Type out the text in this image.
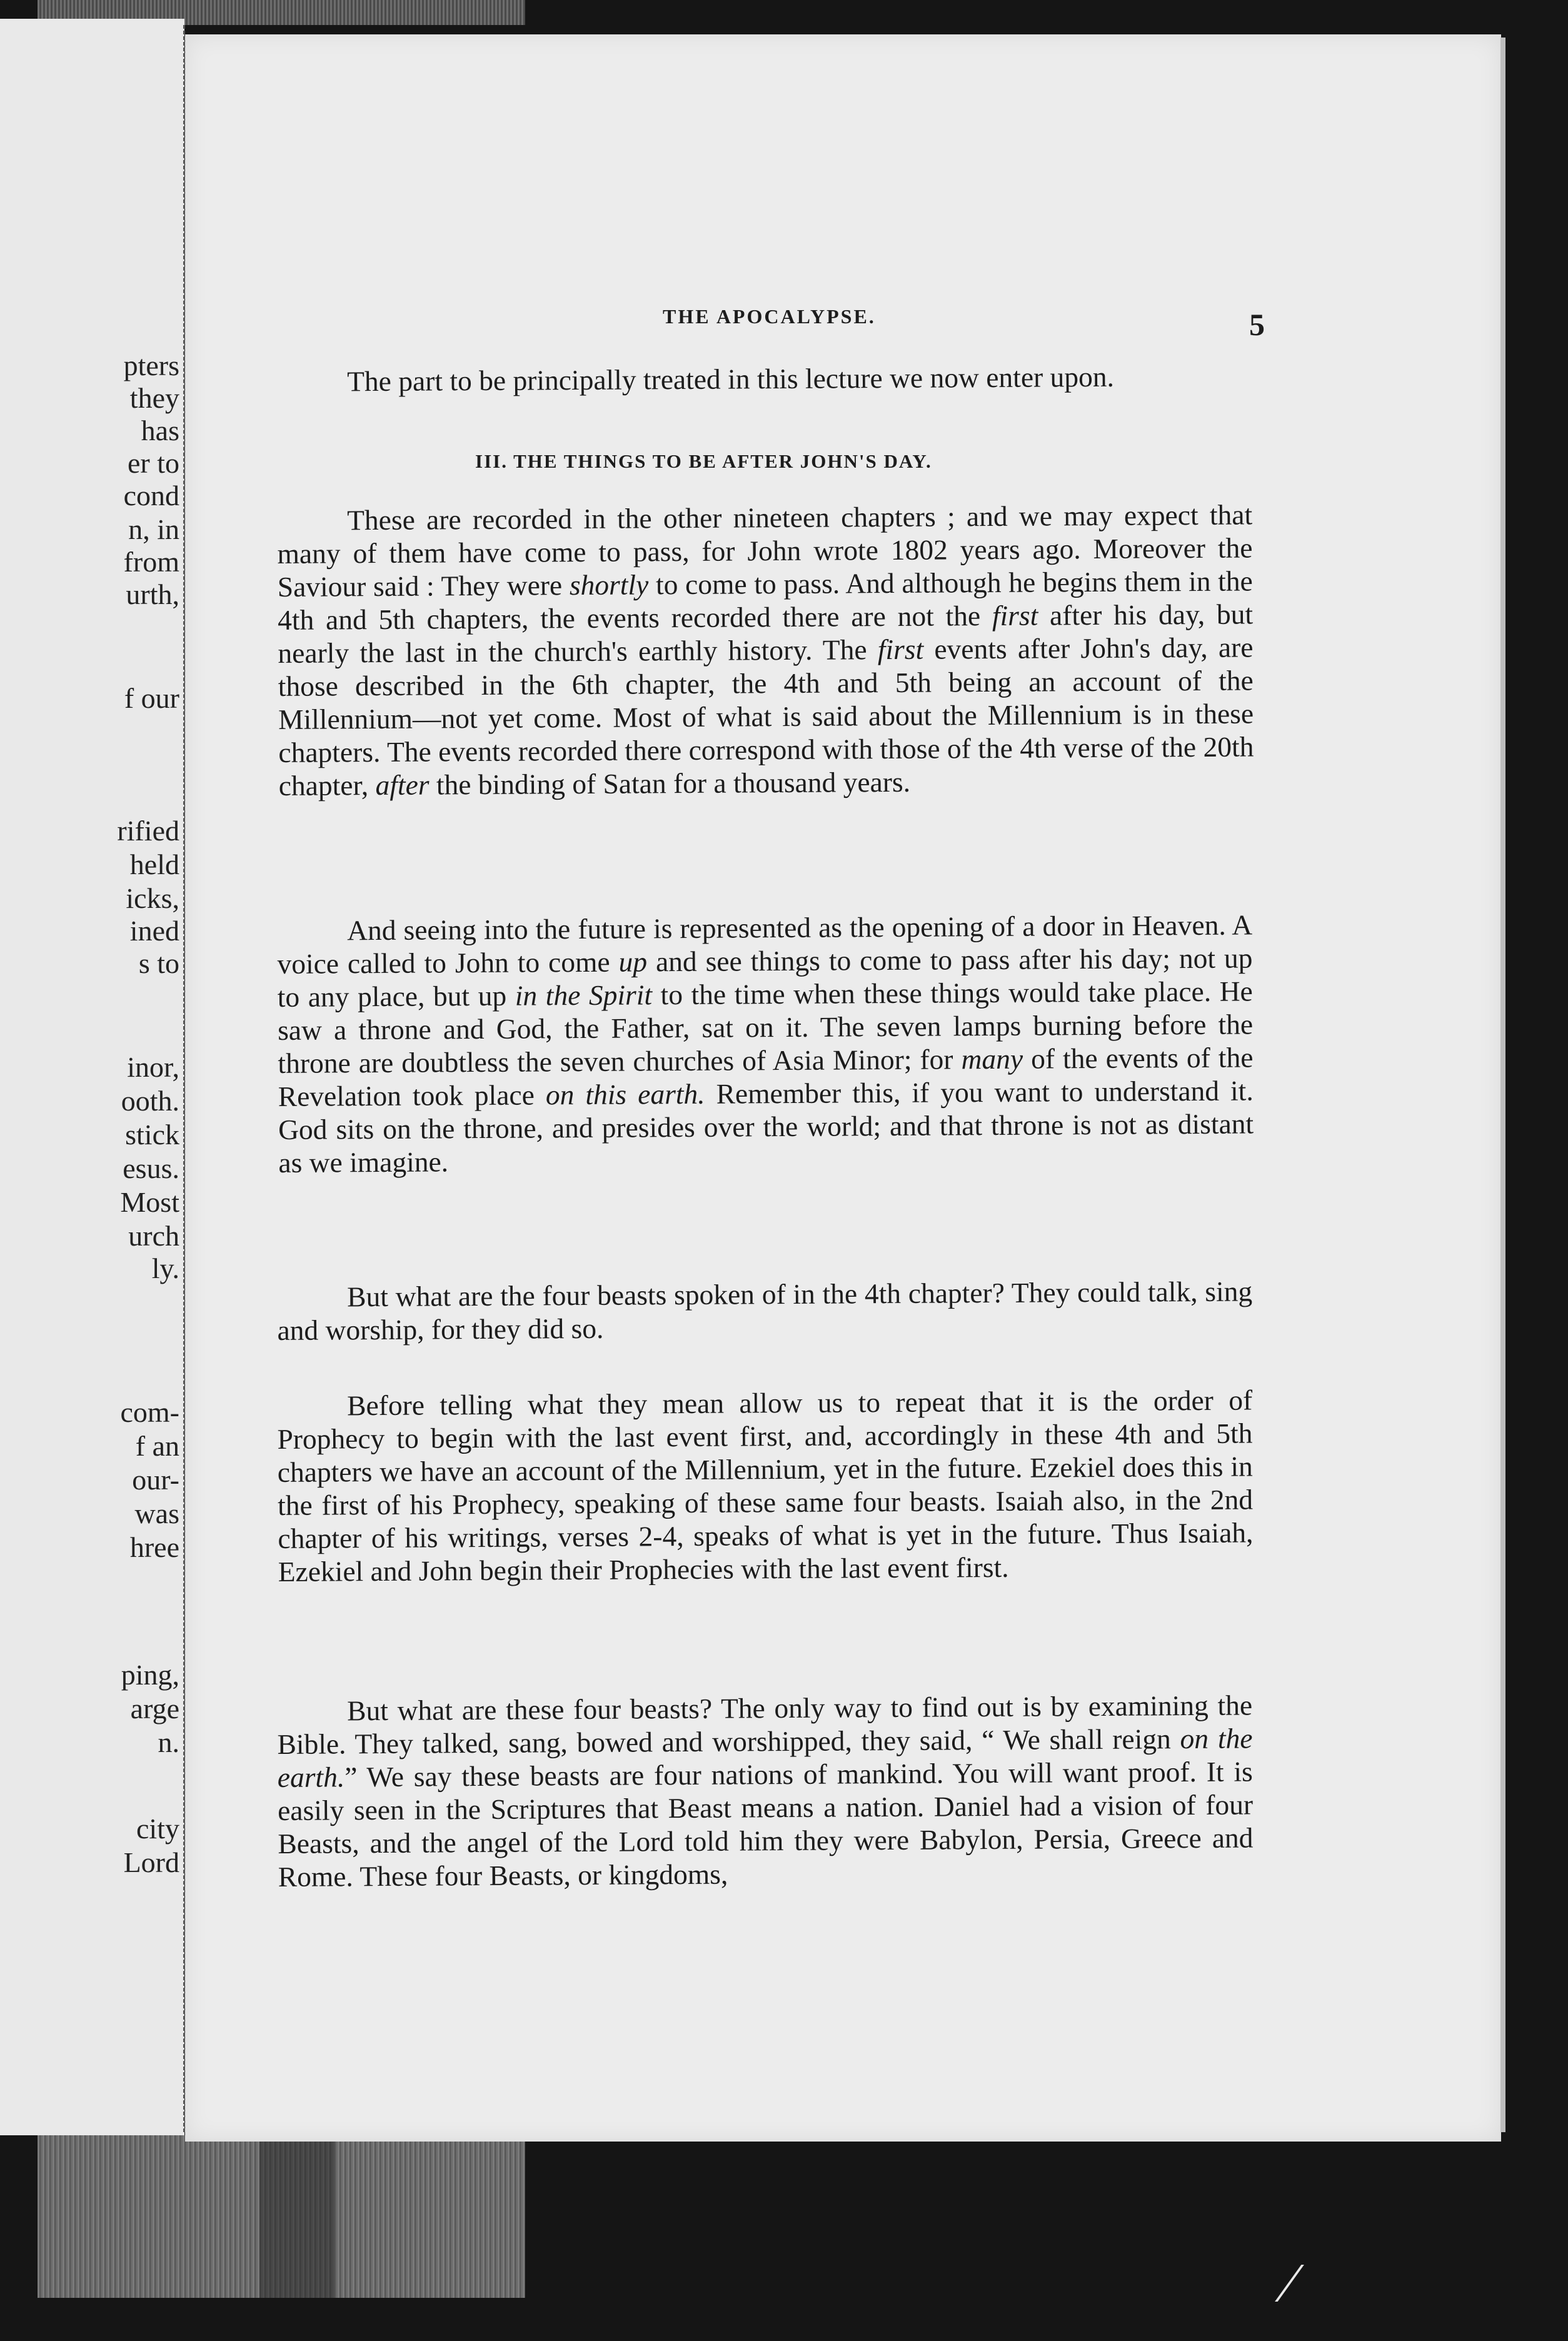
pters
they
has
er to
cond
n, in
from
urth,
f our
rified
held
icks,
ined
s to
inor,
ooth.
stick
esus.
Most
urch
ly.
com-
f an
our-
was
hree
ping,
arge
n.
city
Lord
THE APOCALYPSE.	5

The part to be principally treated in this lecture we now enter upon.

III. THE THINGS TO BE AFTER JOHN'S DAY.

These are recorded in the other nineteen chapters ; and we may expect that many of them have come to pass, for John wrote 1802 years ago. Moreover the Saviour said : They were shortly to come to pass. And although he begins them in the 4th and 5th chapters, the events recorded there are not the first after his day, but nearly the last in the church's earthly history. The first events after John's day, are those described in the 6th chapter, the 4th and 5th being an account of the Millennium—not yet come. Most of what is said about the Millennium is in these chapters. The events recorded there correspond with those of the 4th verse of the 20th chapter, after the binding of Satan for a thousand years.

And seeing into the future is represented as the opening of a door in Heaven. A voice called to John to come up and see things to come to pass after his day; not up to any place, but up in the Spirit to the time when these things would take place. He saw a throne and God, the Father, sat on it. The seven lamps burning before the throne are doubtless the seven churches of Asia Minor; for many of the events of the Revelation took place on this earth. Remember this, if you want to understand it. God sits on the throne, and presides over the world; and that throne is not as distant as we imagine.

But what are the four beasts spoken of in the 4th chapter? They could talk, sing and worship, for they did so.

Before telling what they mean allow us to repeat that it is the order of Prophecy to begin with the last event first, and, accordingly in these 4th and 5th chapters we have an account of the Millennium, yet in the future. Ezekiel does this in the first of his Prophecy, speaking of these same four beasts. Isaiah also, in the 2nd chapter of his writings, verses 2-4, speaks of what is yet in the future. Thus Isaiah, Ezekiel and John begin their Prophecies with the last event first.

But what are these four beasts? The only way to find out is by examining the Bible. They talked, sang, bowed and worshipped, they said, “ We shall reign on the earth.” We say these beasts are four nations of mankind. You will want proof. It is easily seen in the Scriptures that Beast means a nation. Daniel had a vision of four Beasts, and the angel of the Lord told him they were Babylon, Persia, Greece and Rome. These four Beasts, or kingdoms,

⁄
